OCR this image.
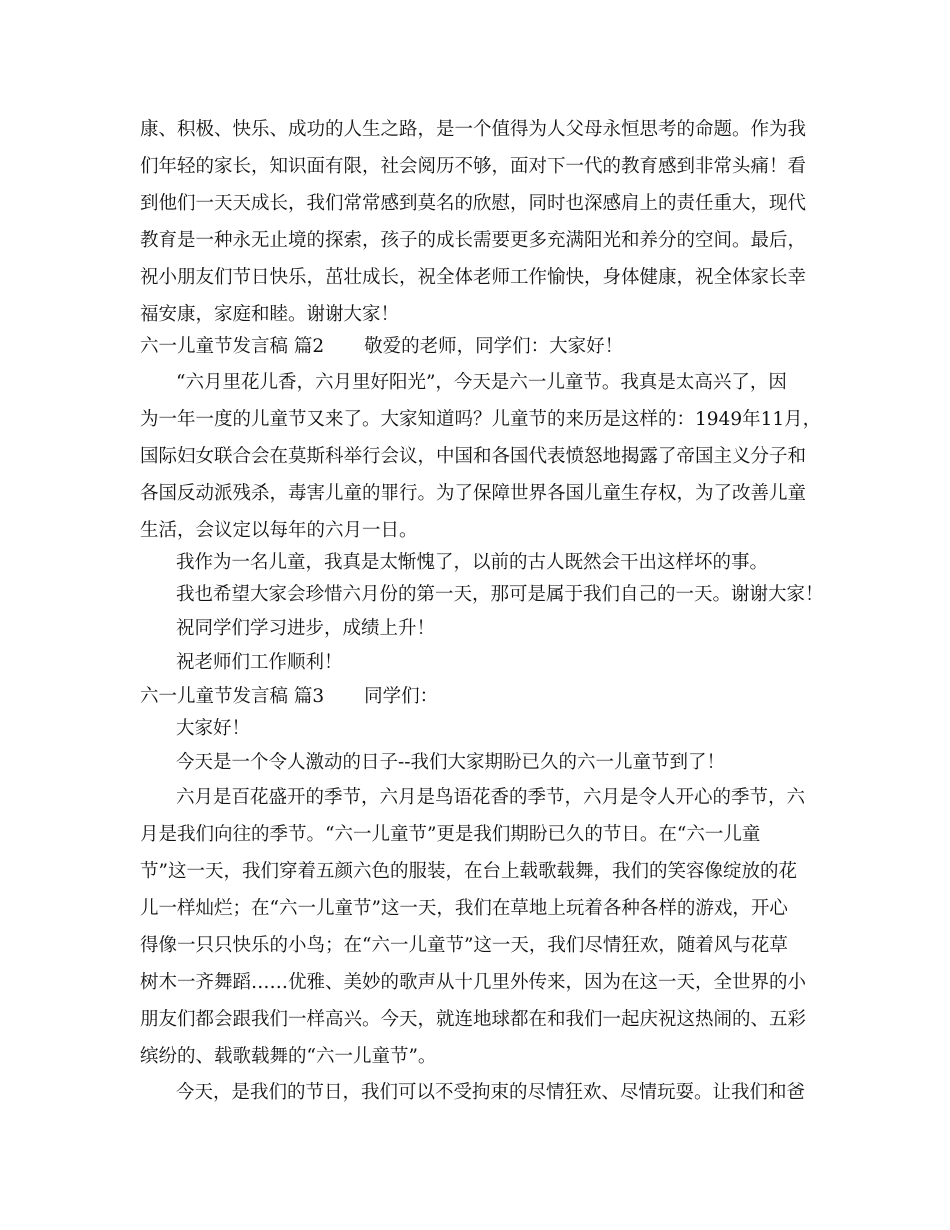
康、积极、快乐、成功的人生之路，是一个值得为人父母永恒思考的命题。作为我
们年轻的家长，知识面有限，社会阅历不够，面对下一代的教育感到非常头痛！看
到他们一天天成长，我们常常感到莫名的欣慰，同时也深感肩上的责任重大，现代
教育是一种永无止境的探索，孩子的成长需要更多充满阳光和养分的空间。最后，
祝小朋友们节日快乐，茁壮成长，祝全体老师工作愉快，身体健康，祝全体家长幸
福安康，家庭和睦。谢谢大家！
六一儿童节发言稿 篇2 敬爱的老师，同学们：大家好！
“六月里花儿香，六月里好阳光”，今天是六一儿童节。我真是太高兴了，因
为一年一度的儿童节又来了。大家知道吗？儿童节的来历是这样的：1949年11月，
国际妇女联合会在莫斯科举行会议，中国和各国代表愤怒地揭露了帝国主义分子和
各国反动派残杀，毒害儿童的罪行。为了保障世界各国儿童生存权，为了改善儿童
生活，会议定以每年的六月一日。
我作为一名儿童，我真是太惭愧了，以前的古人既然会干出这样坏的事。
我也希望大家会珍惜六月份的第一天，那可是属于我们自己的一天。谢谢大家！
祝同学们学习进步，成绩上升！
祝老师们工作顺利！
六一儿童节发言稿 篇3 同学们：
大家好！
今天是一个令人激动的日子--我们大家期盼已久的六一儿童节到了！
六月是百花盛开的季节，六月是鸟语花香的季节，六月是令人开心的季节，六
月是我们向往的季节。“六一儿童节”更是我们期盼已久的节日。在“六一儿童
节”这一天，我们穿着五颜六色的服装，在台上载歌载舞，我们的笑容像绽放的花
儿一样灿烂；在“六一儿童节”这一天，我们在草地上玩着各种各样的游戏，开心
得像一只只快乐的小鸟；在“六一儿童节”这一天，我们尽情狂欢，随着风与花草
树木一齐舞蹈……优雅、美妙的歌声从十几里外传来，因为在这一天，全世界的小
朋友们都会跟我们一样高兴。今天，就连地球都在和我们一起庆祝这热闹的、五彩
缤纷的、载歌载舞的“六一儿童节”。
今天，是我们的节日，我们可以不受拘束的尽情狂欢、尽情玩耍。让我们和爸
